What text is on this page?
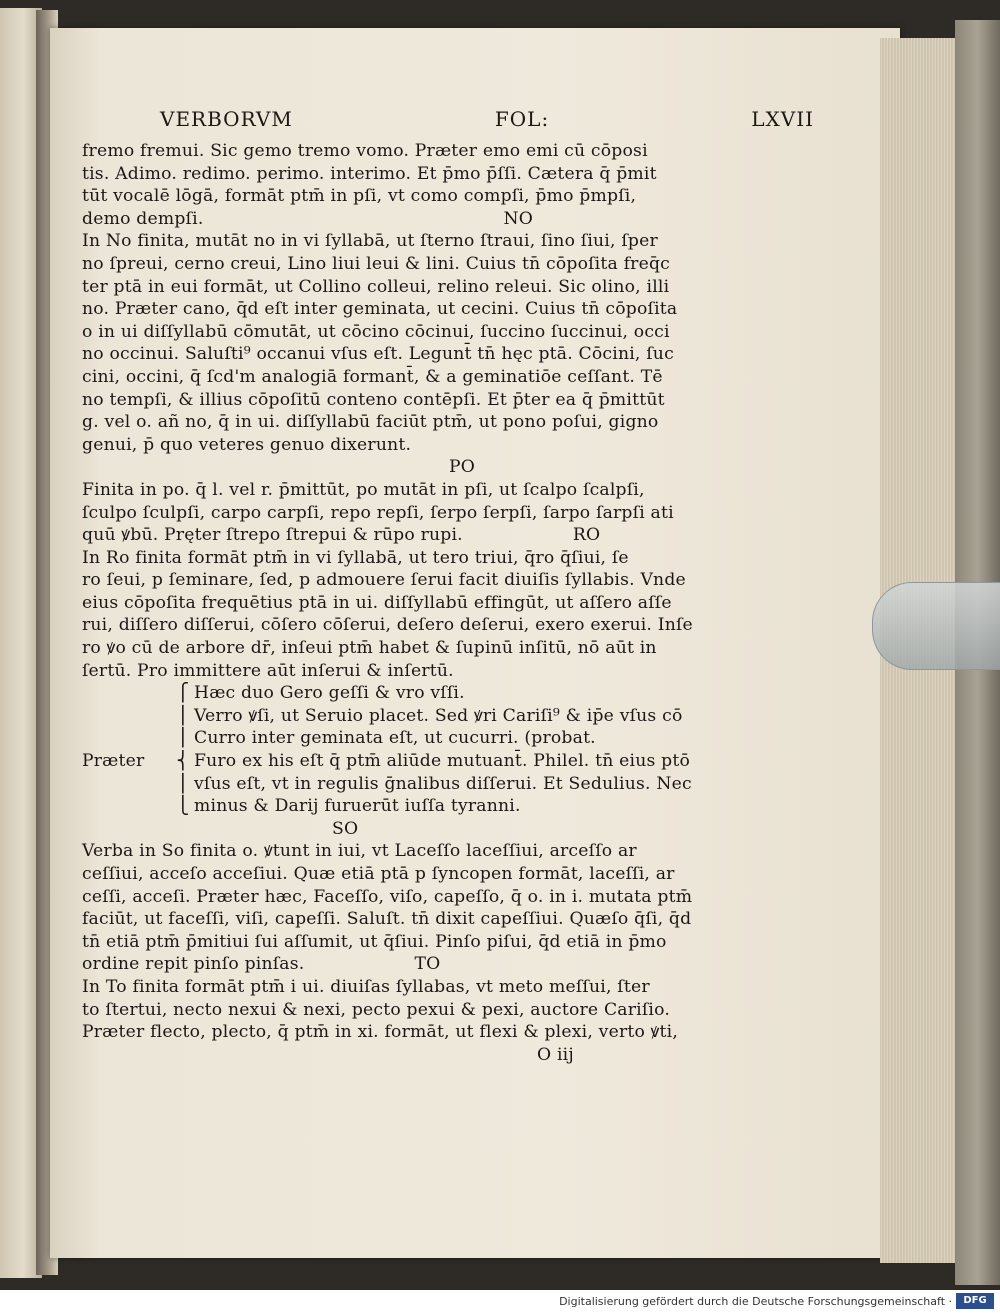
VERBORVM	FOL:	LXVII
fremo fremui. Sic gemo tremo vomo. Præter emo emi cū cōposi
tis. Adimo. redimo. perimo. interimo. Et p̄mo p̄ſſi. Cætera q̄ p̄mit
tūt vocalē lōgā, formāt ptm̄ in pſi, vt como compſi, p̄mo p̄mpſi,
demo dempſi.	NO
In No finita, mutāt no in vi ſyllabā, ut ſterno ſtraui, ſino ſiui, ſper
no ſpreui, cerno creui, Lino liui leui & lini. Cuius tn̄ cōpoſita freq̄c
ter ptā in eui formāt, ut Collino colleui, relino releui. Sic olino, illi
no. Præter cano, q̄d eſt inter geminata, ut cecini. Cuius tn̄ cōpoſita
o in ui diſſyllabū cōmutāt, ut cōcino cōcinui, ſuccino ſuccinui, occi
no occinui. Saluſti⁹ occanui vſus eſt. Legunt̄ tn̄ hęc ptā. Cōcini, ſuc
cini, occini, q̄ ſcd'm analogiā formant̄, & a geminatiōe ceſſant. Tē
no tempſi, & illius cōpoſitū conteno contēpſi. Et p̄ter ea q̄ p̄mittūt
g. vel o. añ no, q̄ in ui. diſſyllabū faciūt ptm̄, ut pono poſui, gigno
genui, p̄ quo veteres genuo dixerunt.
PO
Finita in po. q̄ l. vel r. p̄mittūt, po mutāt in pſi, ut ſcalpo ſcalpſi,
ſculpo ſculpſi, carpo carpſi, repo repſi, ſerpo ſerpſi, ſarpo ſarpſi ati
quū ꝟbū. Pręter ſtrepo ſtrepui & rūpo rupi.	RO
In Ro finita formāt ptm̄ in vi ſyllabā, ut tero triui, q̄ro q̄ſiui, ſe
ro ſeui, p ſeminare, ſed, p admouere ſerui facit diuiſis ſyllabis. Vnde
eius cōpoſita frequētius ptā in ui. diſſyllabū effingūt, ut aſſero aſſe
rui, diſſero diſſerui, cōſero cōſerui, deſero deſerui, exero exerui. Inſe
ro ꝟo cū de arbore dr̄, inſeui ptm̄ habet & ſupinū inſitū, nō aūt in
ſertū. Pro immittere aūt inſerui & inſertū.
⎧ Hæc duo Gero geſſi & vro vſſi.
⎪ Verro ꝟſi, ut Seruio placet. Sed ꝟri Cariſi⁹ & ip̄e vſus cō
⎪ Curro inter geminata eſt, ut cucurri. (probat.
Præter	⎨ Furo ex his eſt q̄ ptm̄ aliūde mutuant̄. Philel. tn̄ eius ptō
⎪ vſus eſt, vt in regulis ḡnalibus diſſerui. Et Sedulius. Nec
⎩ minus & Darij furuerūt iuſſa tyranni.
SO
Verba in So finita o. ꝟtunt in iui, vt Laceſſo laceſſiui, arceſſo ar
ceſſiui, acceſo acceſiui. Quæ etiā ptā p ſyncopen formāt, laceſſi, ar
ceſſi, acceſi. Præter hæc, Faceſſo, viſo, capeſſo, q̄ o. in i. mutata ptm̄
faciūt, ut faceſſi, viſi, capeſſi. Saluſt. tn̄ dixit capeſſiui. Quæſo q̄ſi, q̄d
tn̄ etiā ptm̄ p̄mitiui ſui aſſumit, ut q̄ſiui. Pinſo piſui, q̄d etiā in p̄mo
ordine repit pinſo pinſas.	TO
In To finita formāt ptm̄ i ui. diuiſas ſyllabas, vt meto meſſui, ſter
to ſtertui, necto nexui & nexi, pecto pexui & pexi, auctore Cariſio.
Præter flecto, plecto, q̄ ptm̄ in xi. formāt, ut flexi & plexi, verto ꝟti,
O iij
Digitalisierung gefördert durch die Deutsche Forschungsgemeinschaft ·	DFG
